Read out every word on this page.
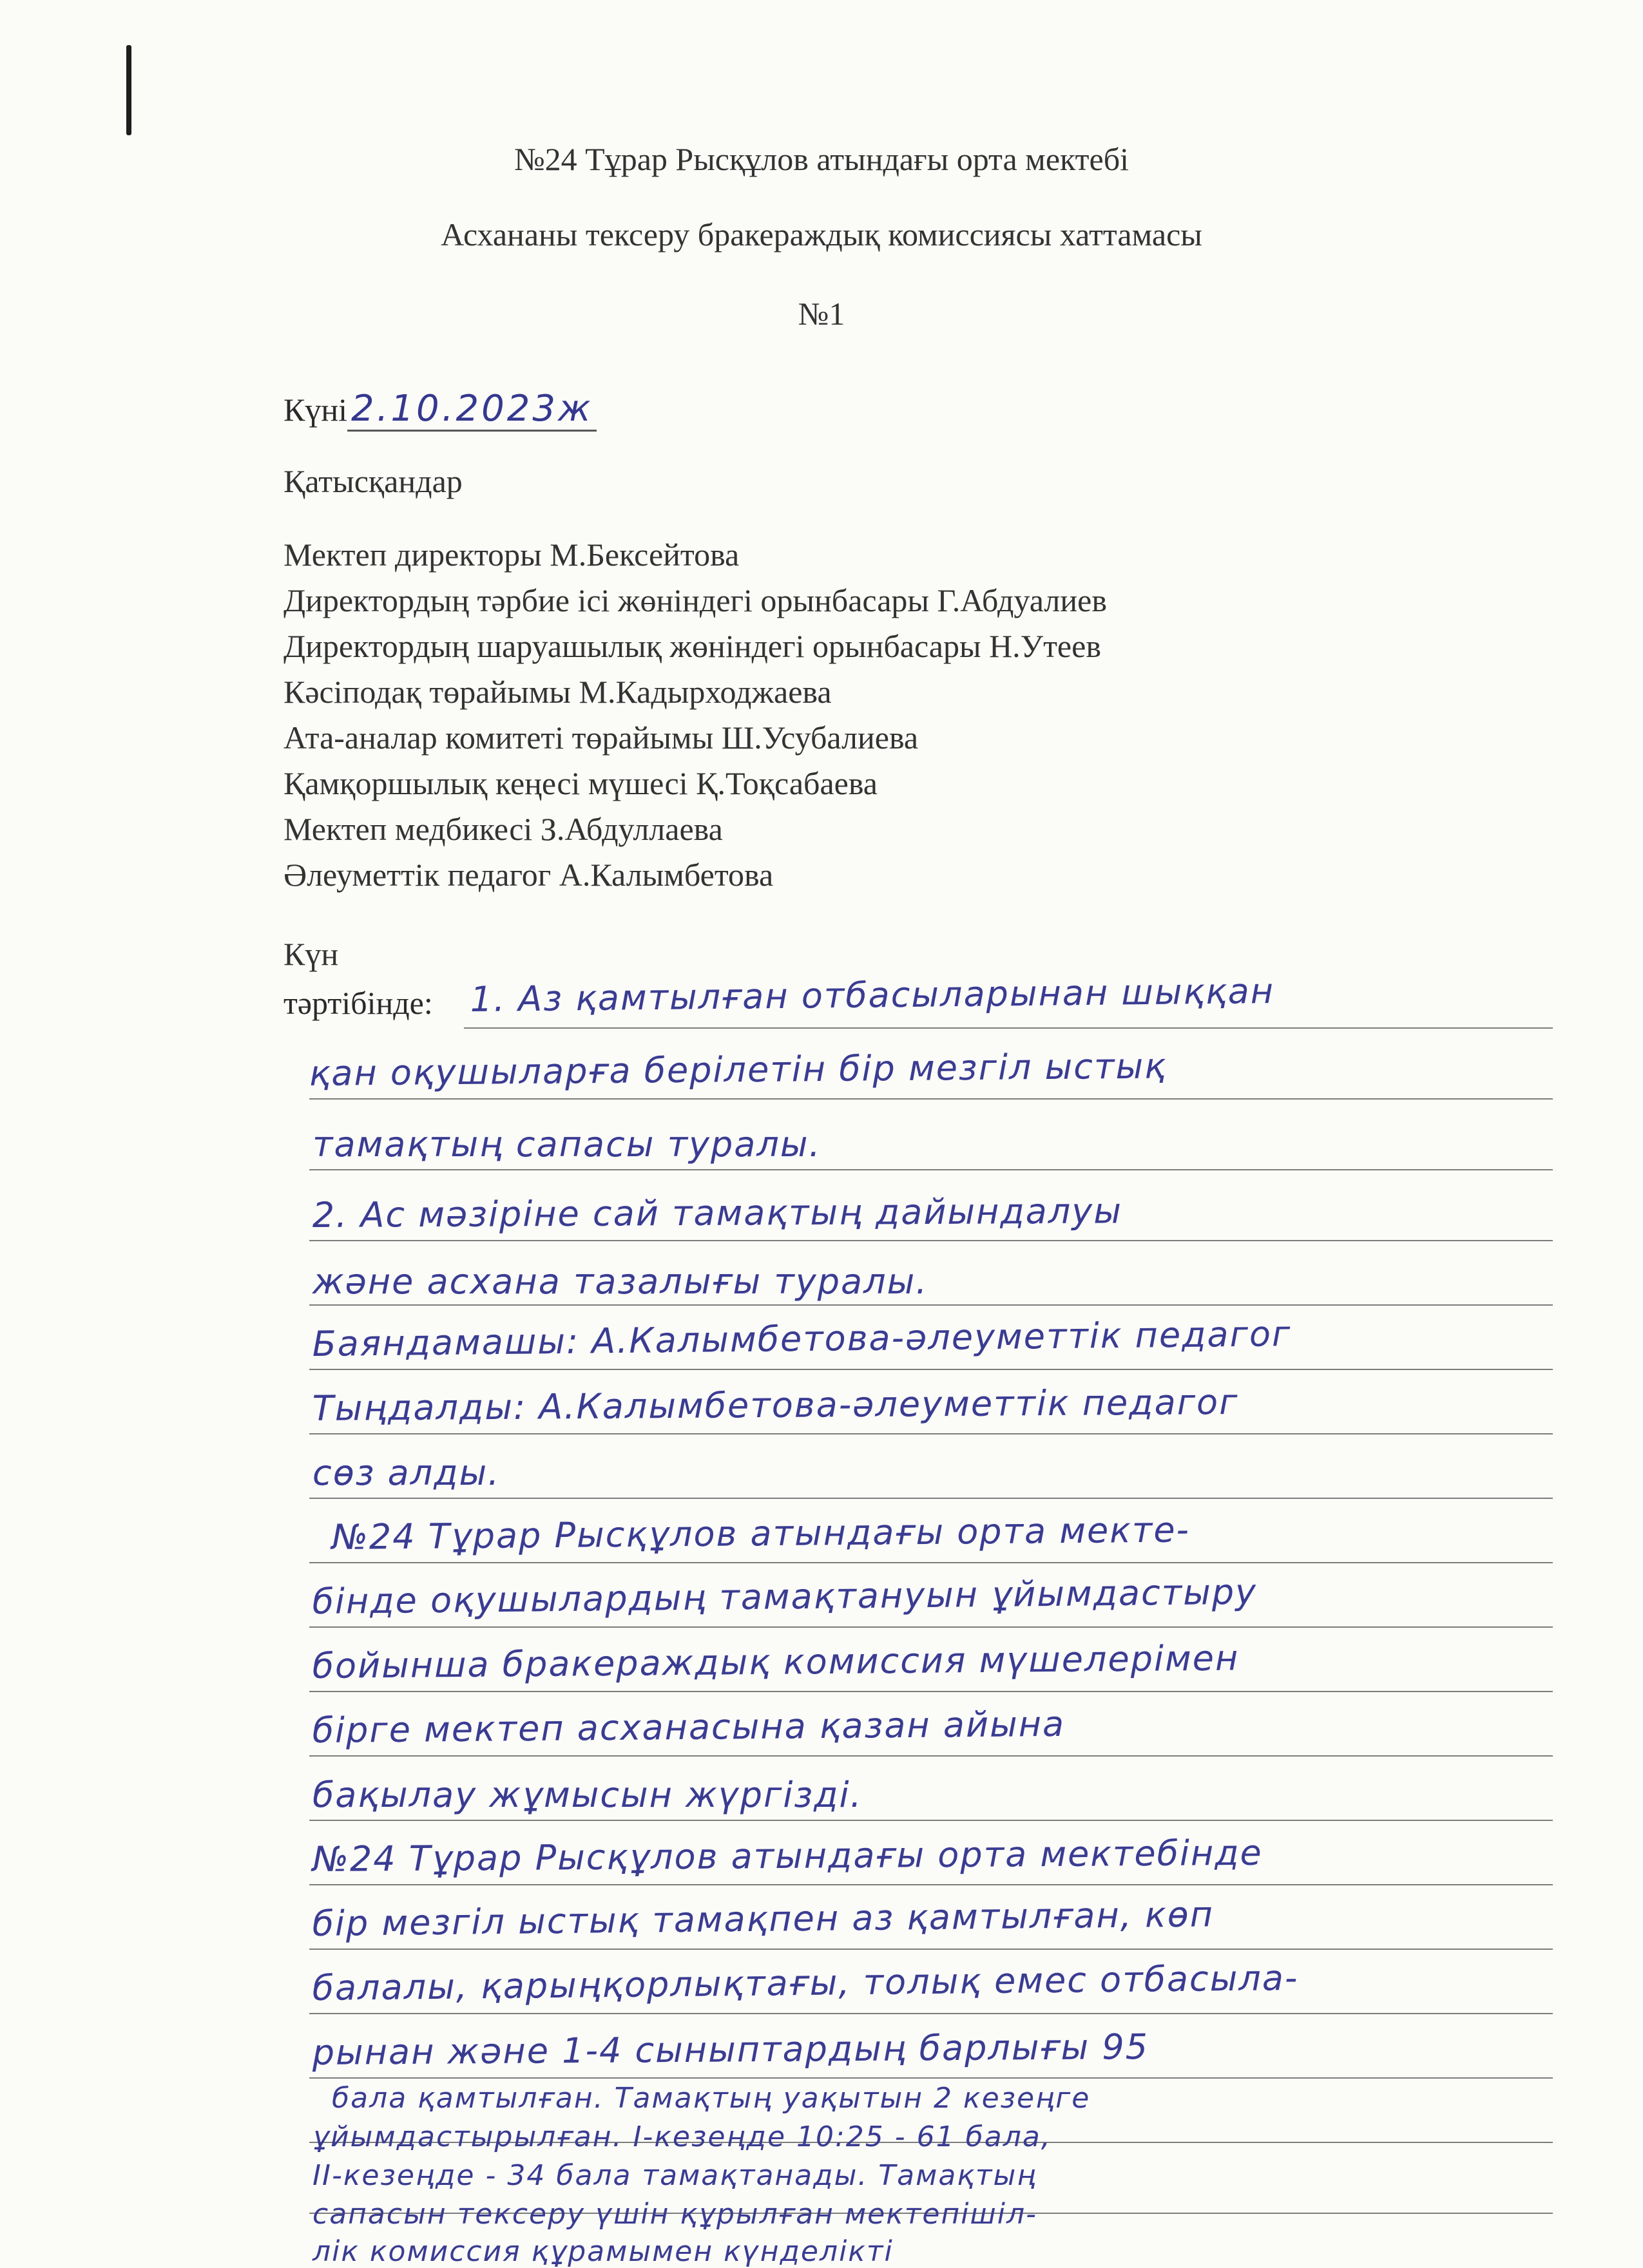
№24 Тұрар Рысқұлов атындағы орта мектебі
Асхананы тексеру бракераждық комиссиясы хаттамасы
№1
Күні 2.10.2023ж
Қатысқандар
Мектеп директоры М.Бексейтова
Директордың тәрбие ісі жөніндегі орынбасары Г.Абдуалиев
Директордың шаруашылық жөніндегі орынбасары Н.Утеев
Кәсіподақ төрайымы М.Кадырходжаева
Ата-аналар комитеті төрайымы Ш.Усубалиева
Қамқоршылық кеңесі мүшесі Қ.Тоқсабаева
Мектеп медбикесі З.Абдуллаева
Әлеуметтік педагог А.Калымбетова
Күн
тәртібінде: 1. Аз қамтылған отбасыларынан шыққан
қан оқушыларға берілетін бір мезгіл ыстық
тамақтың сапасы туралы.
2. Ас мәзіріне сай тамақтың дайындалуы
және асхана тазалығы туралы.
Баяндамашы: А.Калымбетова-әлеуметтік педагог
Тыңдалды: А.Калымбетова-әлеуметтік педагог
сөз алды.
№24 Тұрар Рысқұлов атындағы орта мекте-
бінде оқушылардың тамақтануын ұйымдастыру
бойынша бракераждық комиссия мүшелерімен
бірге мектеп асханасына қазан айына
бақылау жұмысын жүргізді.
№24 Тұрар Рысқұлов атындағы орта мектебінде
бір мезгіл ыстық тамақпен аз қамтылған, көп
балалы, қарыңқорлықтағы, толық емес отбасыла-
рынан және 1-4 сыныптардың барлығы 95
бала қамтылған. Тамақтың уақытын 2 кезеңге
ұйымдастырылған. I-кезеңде 10:25 - 61 бала,
II-кезеңде - 34 бала тамақтанады. Тамақтың
сапасын тексеру үшін құрылған мектепішіл-
лік комиссия құрамымен күнделікті
